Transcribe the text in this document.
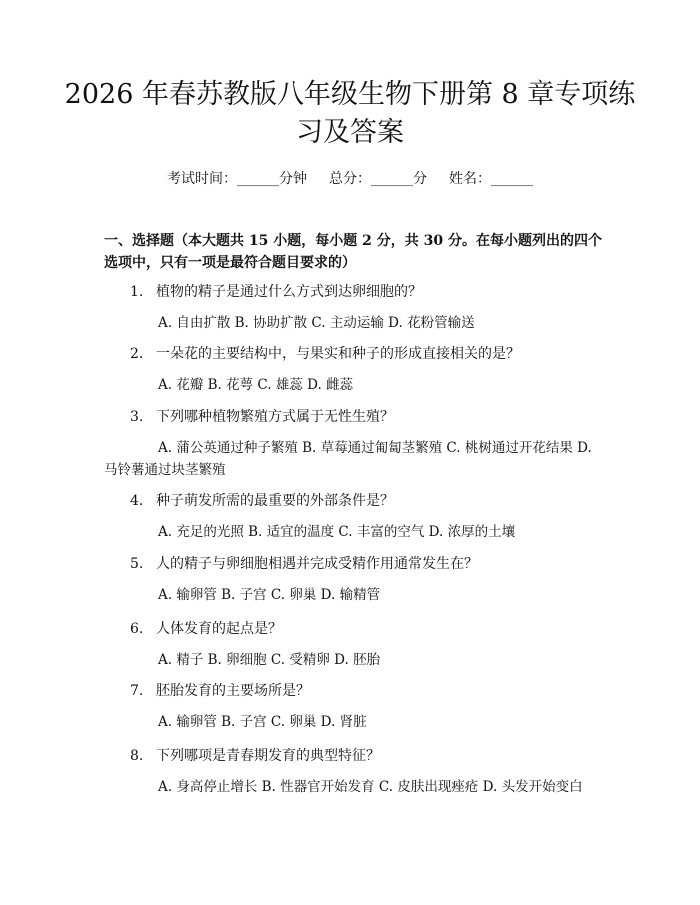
2026 年春苏教版八年级生物下册第 8 章专项练习及答案
考试时间：______分钟 总分：______分 姓名：______
一、选择题（本大题共 15 小题，每小题 2 分，共 30 分。在每小题列出的四个选项中，只有一项是最符合题目要求的）
1. 植物的精子是通过什么方式到达卵细胞的？
A. 自由扩散 B. 协助扩散 C. 主动运输 D. 花粉管输送
2. 一朵花的主要结构中，与果实和种子的形成直接相关的是？
A. 花瓣 B. 花萼 C. 雄蕊 D. 雌蕊
3. 下列哪种植物繁殖方式属于无性生殖？
A. 蒲公英通过种子繁殖 B. 草莓通过匍匐茎繁殖 C. 桃树通过开花结果 D. 马铃薯通过块茎繁殖
4. 种子萌发所需的最重要的外部条件是？
A. 充足的光照 B. 适宜的温度 C. 丰富的空气 D. 浓厚的土壤
5. 人的精子与卵细胞相遇并完成受精作用通常发生在？
A. 输卵管 B. 子宫 C. 卵巢 D. 输精管
6. 人体发育的起点是？
A. 精子 B. 卵细胞 C. 受精卵 D. 胚胎
7. 胚胎发育的主要场所是？
A. 输卵管 B. 子宫 C. 卵巢 D. 肾脏
8. 下列哪项是青春期发育的典型特征？
A. 身高停止增长 B. 性器官开始发育 C. 皮肤出现痤疮 D. 头发开始变白
